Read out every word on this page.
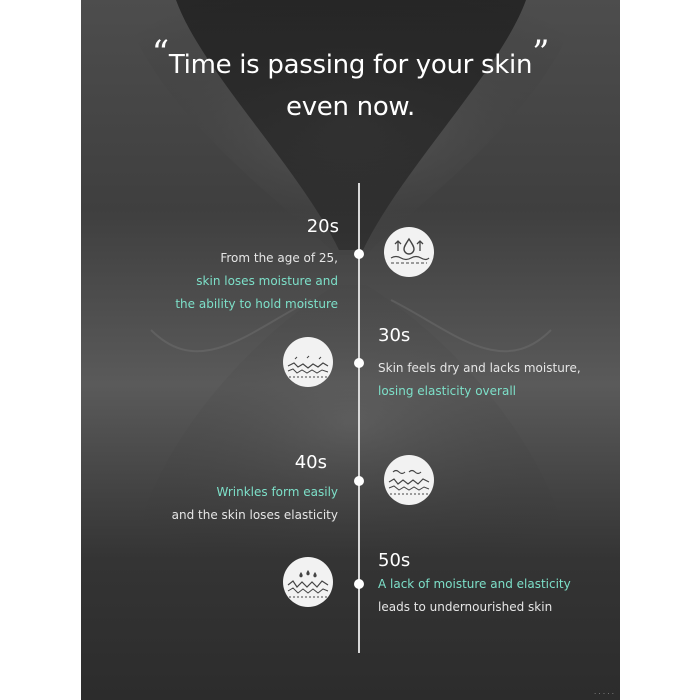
“Time is passing for your skin”
even now.
20s
From the age of 25,
skin loses moisture and
the ability to hold moisture
30s
Skin feels dry and lacks moisture,
losing elasticity overall
40s
Wrinkles form easily
and the skin loses elasticity
50s
A lack of moisture and elasticity
leads to undernourished skin
· · · · ·
